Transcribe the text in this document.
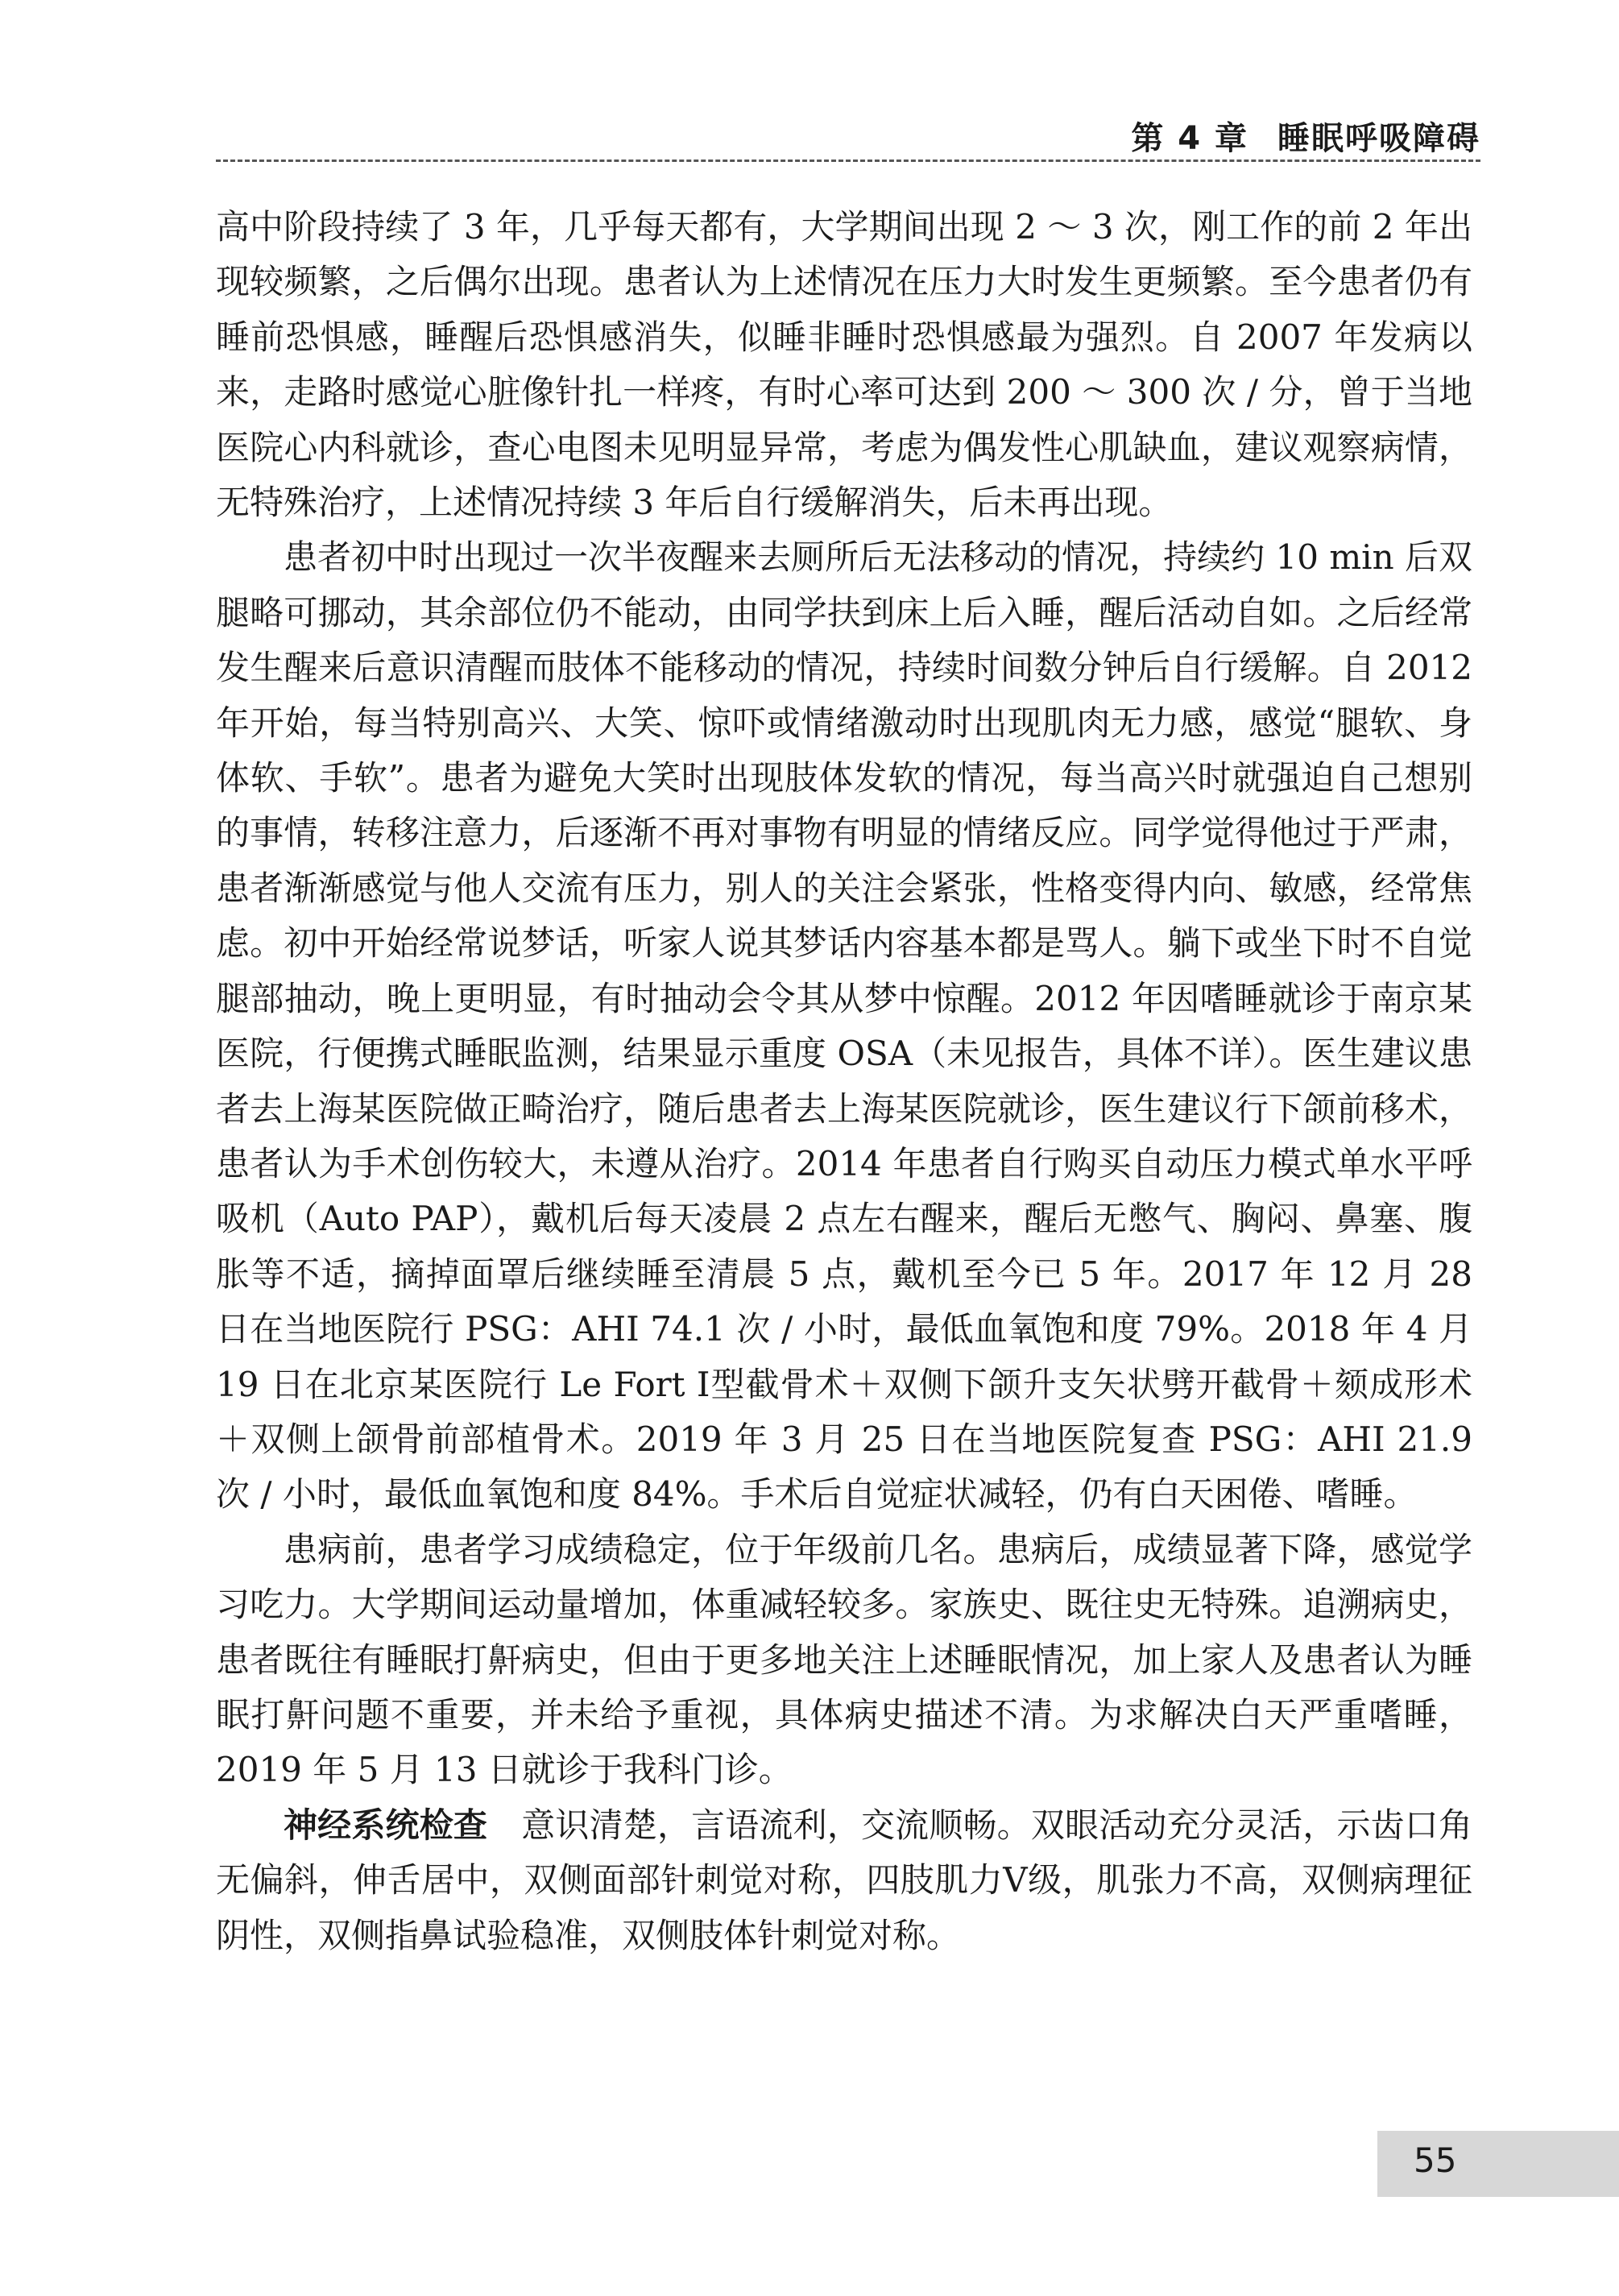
第 4 章 睡眠呼吸障碍

高中阶段持续了 3 年，几乎每天都有，大学期间出现 2 ～ 3 次，刚工作的前 2 年出现较频繁，之后偶尔出现。患者认为上述情况在压力大时发生更频繁。至今患者仍有睡前恐惧感，睡醒后恐惧感消失，似睡非睡时恐惧感最为强烈。自 2007 年发病以来，走路时感觉心脏像针扎一样疼，有时心率可达到 200 ～ 300 次 / 分，曾于当地医院心内科就诊，查心电图未见明显异常，考虑为偶发性心肌缺血，建议观察病情，无特殊治疗，上述情况持续 3 年后自行缓解消失，后未再出现。

患者初中时出现过一次半夜醒来去厕所后无法移动的情况，持续约 10 min 后双腿略可挪动，其余部位仍不能动，由同学扶到床上后入睡，醒后活动自如。之后经常发生醒来后意识清醒而肢体不能移动的情况，持续时间数分钟后自行缓解。自 2012 年开始，每当特别高兴、大笑、惊吓或情绪激动时出现肌肉无力感，感觉“腿软、身体软、手软”。患者为避免大笑时出现肢体发软的情况，每当高兴时就强迫自己想别的事情，转移注意力，后逐渐不再对事物有明显的情绪反应。同学觉得他过于严肃，患者渐渐感觉与他人交流有压力，别人的关注会紧张，性格变得内向、敏感，经常焦虑。初中开始经常说梦话，听家人说其梦话内容基本都是骂人。躺下或坐下时不自觉腿部抽动，晚上更明显，有时抽动会令其从梦中惊醒。2012 年因嗜睡就诊于南京某医院，行便携式睡眠监测，结果显示重度 OSA（未见报告，具体不详）。医生建议患者去上海某医院做正畸治疗，随后患者去上海某医院就诊，医生建议行下颌前移术，患者认为手术创伤较大，未遵从治疗。2014 年患者自行购买自动压力模式单水平呼吸机（Auto PAP），戴机后每天凌晨 2 点左右醒来，醒后无憋气、胸闷、鼻塞、腹胀等不适，摘掉面罩后继续睡至清晨 5 点，戴机至今已 5 年。2017 年 12 月 28 日在当地医院行 PSG：AHI 74.1 次 / 小时，最低血氧饱和度 79%。2018 年 4 月 19 日在北京某医院行 Le Fort Ⅰ型截骨术＋双侧下颌升支矢状劈开截骨＋颏成形术＋双侧上颌骨前部植骨术。2019 年 3 月 25 日在当地医院复查 PSG：AHI 21.9 次 / 小时，最低血氧饱和度 84%。手术后自觉症状减轻，仍有白天困倦、嗜睡。

患病前，患者学习成绩稳定，位于年级前几名。患病后，成绩显著下降，感觉学习吃力。大学期间运动量增加，体重减轻较多。家族史、既往史无特殊。追溯病史，患者既往有睡眠打鼾病史，但由于更多地关注上述睡眠情况，加上家人及患者认为睡眠打鼾问题不重要，并未给予重视，具体病史描述不清。为求解决白天严重嗜睡，2019 年 5 月 13 日就诊于我科门诊。

神经系统检查  意识清楚，言语流利，交流顺畅。双眼活动充分灵活，示齿口角无偏斜，伸舌居中，双侧面部针刺觉对称，四肢肌力Ⅴ级，肌张力不高，双侧病理征阴性，双侧指鼻试验稳准，双侧肢体针刺觉对称。

55
